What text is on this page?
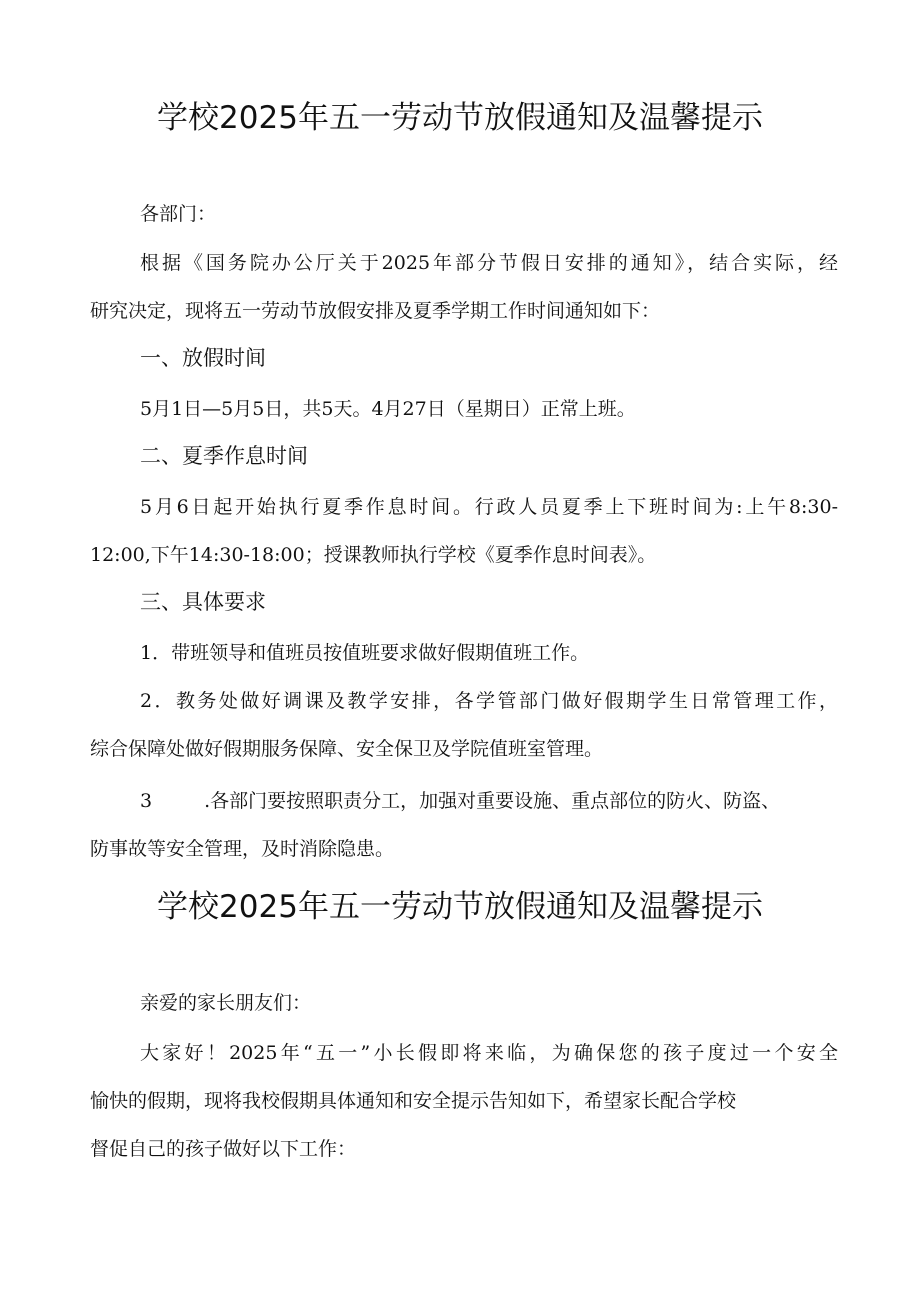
学校2025年五一劳动节放假通知及温馨提示
各部门：
根据《国务院办公厅关于2025年部分节假日安排的通知》，结合实际，经
研究决定，现将五一劳动节放假安排及夏季学期工作时间通知如下：
一、放假时间
5月1日—5月5日，共5天。4月27日（星期日）正常上班。
二、夏季作息时间
5月6日起开始执行夏季作息时间。行政人员夏季上下班时间为:上午8:30-
12:00,下午14:30-18:00；授课教师执行学校《夏季作息时间表》。
三、具体要求
1．带班领导和值班员按值班要求做好假期值班工作。
2．教务处做好调课及教学安排，各学管部门做好假期学生日常管理工作，
综合保障处做好假期服务保障、安全保卫及学院值班室管理。
3	.各部门要按照职责分工，加强对重要设施、重点部位的防火、防盗、
防事故等安全管理，及时消除隐患。
学校2025年五一劳动节放假通知及温馨提示
亲爱的家长朋友们：
大家好！2025年“五一”小长假即将来临，为确保您的孩子度过一个安全
愉快的假期，现将我校假期具体通知和安全提示告知如下，希望家长配合学校
督促自己的孩子做好以下工作：
